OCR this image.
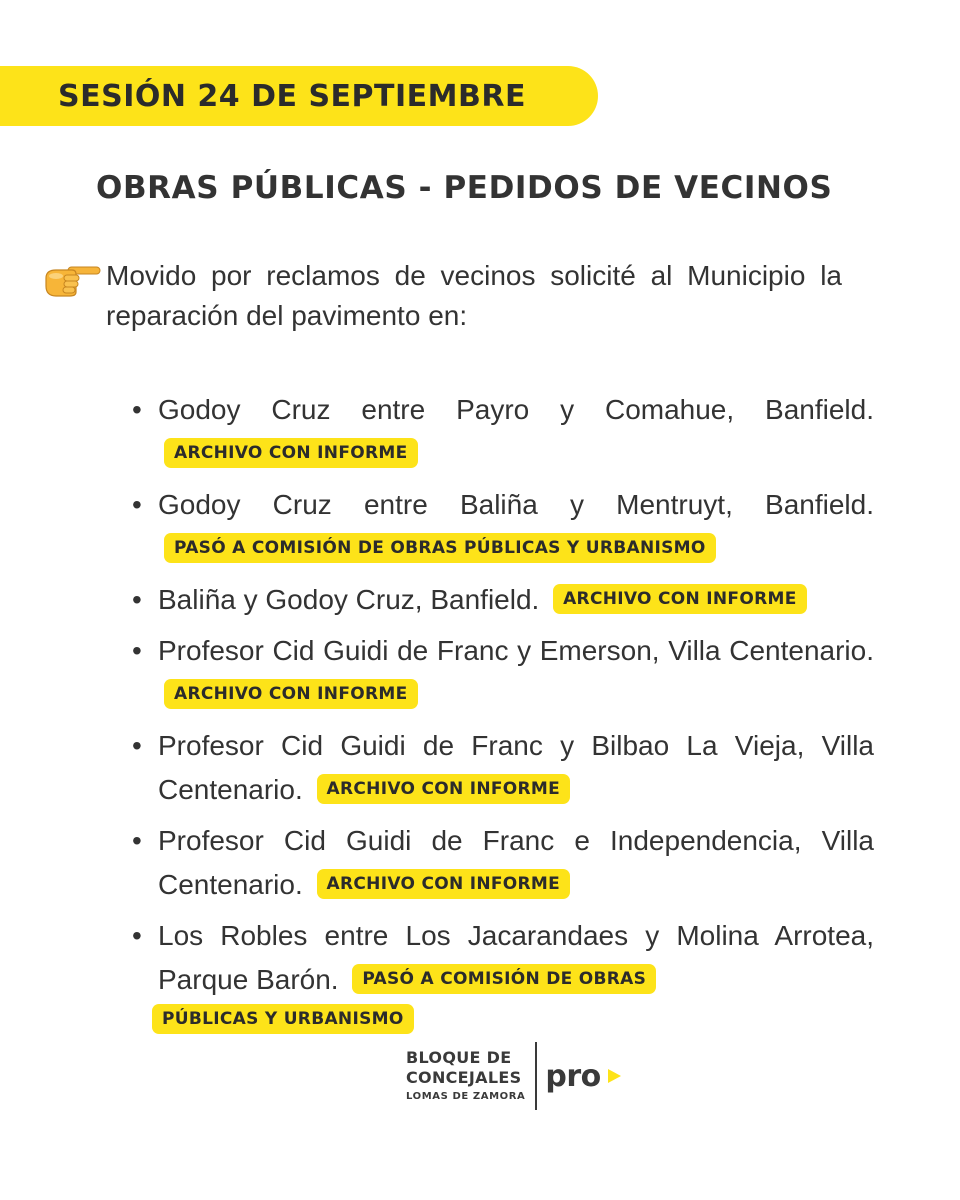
SESIÓN 24 DE SEPTIEMBRE
OBRAS PÚBLICAS - PEDIDOS DE VECINOS

Movido por reclamos de vecinos solicité al Municipio la reparación del pavimento en:

• Godoy Cruz entre Payro y Comahue, Banfield. ARCHIVO CON INFORME

• Godoy Cruz entre Baliña y Mentruyt, Banfield. PASÓ A COMISIÓN DE OBRAS PÚBLICAS Y URBANISMO

• Baliña y Godoy Cruz, Banfield. ARCHIVO CON INFORME

• Profesor Cid Guidi de Franc y Emerson, Villa Centenario. ARCHIVO CON INFORME

• Profesor Cid Guidi de Franc y Bilbao La Vieja, Villa Centenario. ARCHIVO CON INFORME

• Profesor Cid Guidi de Franc e Independencia, Villa Centenario. ARCHIVO CON INFORME

• Los Robles entre Los Jacarandaes y Molina Arrotea, Parque Barón. PASÓ A COMISIÓN DE OBRAS

PÚBLICAS Y URBANISMO
BLOQUE DE
CONCEJALES
LOMAS DE ZAMORA
pro
